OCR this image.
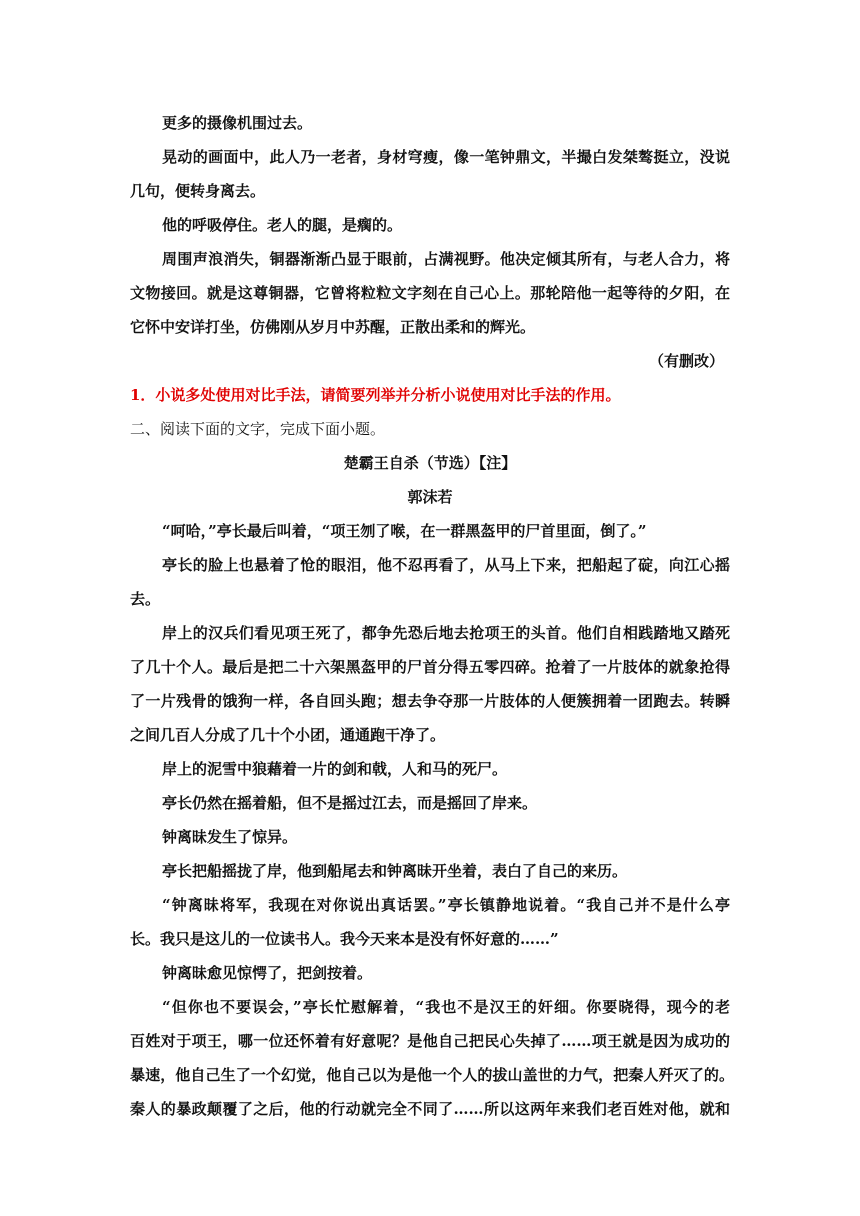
更多的摄像机围过去。
晃动的画面中，此人乃一老者，身材穹瘦，像一笔钟鼎文，半撮白发桀骜挺立，没说
几句，便转身离去。
他的呼吸停住。老人的腿，是瘸的。
周围声浪消失，铜器渐渐凸显于眼前，占满视野。他决定倾其所有，与老人合力，将
文物接回。就是这尊铜器，它曾将粒粒文字刻在自己心上。那轮陪他一起等待的夕阳，在
它怀中安详打坐，仿佛刚从岁月中苏醒，正散出柔和的辉光。
（有删改）
1．小说多处使用对比手法，请简要列举并分析小说使用对比手法的作用。
二、阅读下面的文字，完成下面小题。
楚霸王自杀（节选）【注】
郭沫若
“呵哈，”亭长最后叫着，“项王刎了喉，在一群黑盔甲的尸首里面，倒了。”
亭长的脸上也悬着了怆的眼泪，他不忍再看了，从马上下来，把船起了碇，向江心摇
去。
岸上的汉兵们看见项王死了，都争先恐后地去抢项王的头首。他们自相践踏地又踏死
了几十个人。最后是把二十六架黑盔甲的尸首分得五零四碎。抢着了一片肢体的就象抢得
了一片残骨的饿狗一样，各自回头跑；想去争夺那一片肢体的人便簇拥着一团跑去。转瞬
之间几百人分成了几十个小团，通通跑干净了。
岸上的泥雪中狼藉着一片的剑和戟，人和马的死尸。
亭长仍然在摇着船，但不是摇过江去，而是摇回了岸来。
钟离昧发生了惊异。
亭长把船摇拢了岸，他到船尾去和钟离昧开坐着，表白了自己的来历。
“钟离昧将军，我现在对你说出真话罢。”亭长镇静地说着。“我自己并不是什么亭
长。我只是这儿的一位读书人。我今天来本是没有怀好意的……”
钟离昧愈见惊愕了，把剑按着。
“但你也不要误会，”亭长忙慰解着，“我也不是汉王的奸细。你要晓得，现今的老
百姓对于项王，哪一位还怀着有好意呢？是他自己把民心失掉了……项王就是因为成功的
暴速，他自己生了一个幻觉，他自己以为是他一个人的拔山盖世的力气，把秦人歼灭了的。
秦人的暴政颠覆了之后，他的行动就完全不同了……所以这两年来我们老百姓对他，就和
